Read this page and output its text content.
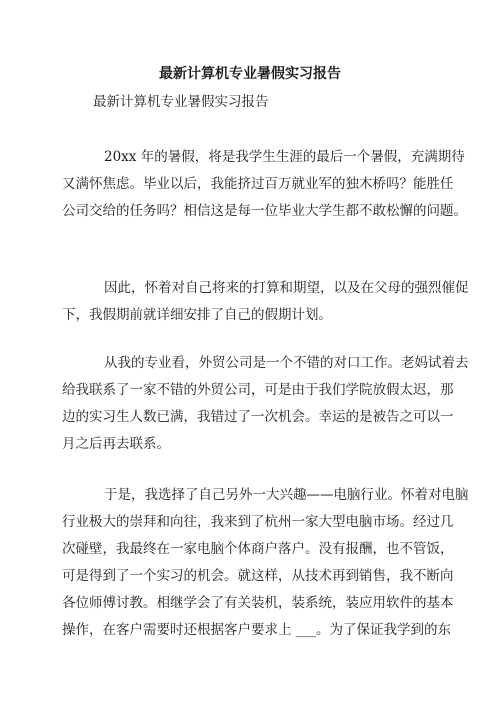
最新计算机专业暑假实习报告
最新计算机专业暑假实习报告
20xx 年的暑假，将是我学生生涯的最后一个暑假，充满期待
又满怀焦虑。毕业以后，我能挤过百万就业军的独木桥吗？能胜任
公司交给的任务吗？相信这是每一位毕业大学生都不敢松懈的问题。
因此，怀着对自己将来的打算和期望，以及在父母的强烈催促
下，我假期前就详细安排了自己的假期计划。
从我的专业看，外贸公司是一个不错的对口工作。老妈试着去
给我联系了一家不错的外贸公司，可是由于我们学院放假太迟，那
边的实习生人数已满，我错过了一次机会。幸运的是被告之可以一
月之后再去联系。
于是，我选择了自己另外一大兴趣——电脑行业。怀着对电脑
行业极大的崇拜和向往，我来到了杭州一家大型电脑市场。经过几
次碰壁，我最终在一家电脑个体商户落户。没有报酬，也不管饭，
可是得到了一个实习的机会。就这样，从技术再到销售，我不断向
各位师傅讨教。相继学会了有关装机，装系统，装应用软件的基本
操作，在客户需要时还根据客户要求上 ___。为了保证我学到的东
